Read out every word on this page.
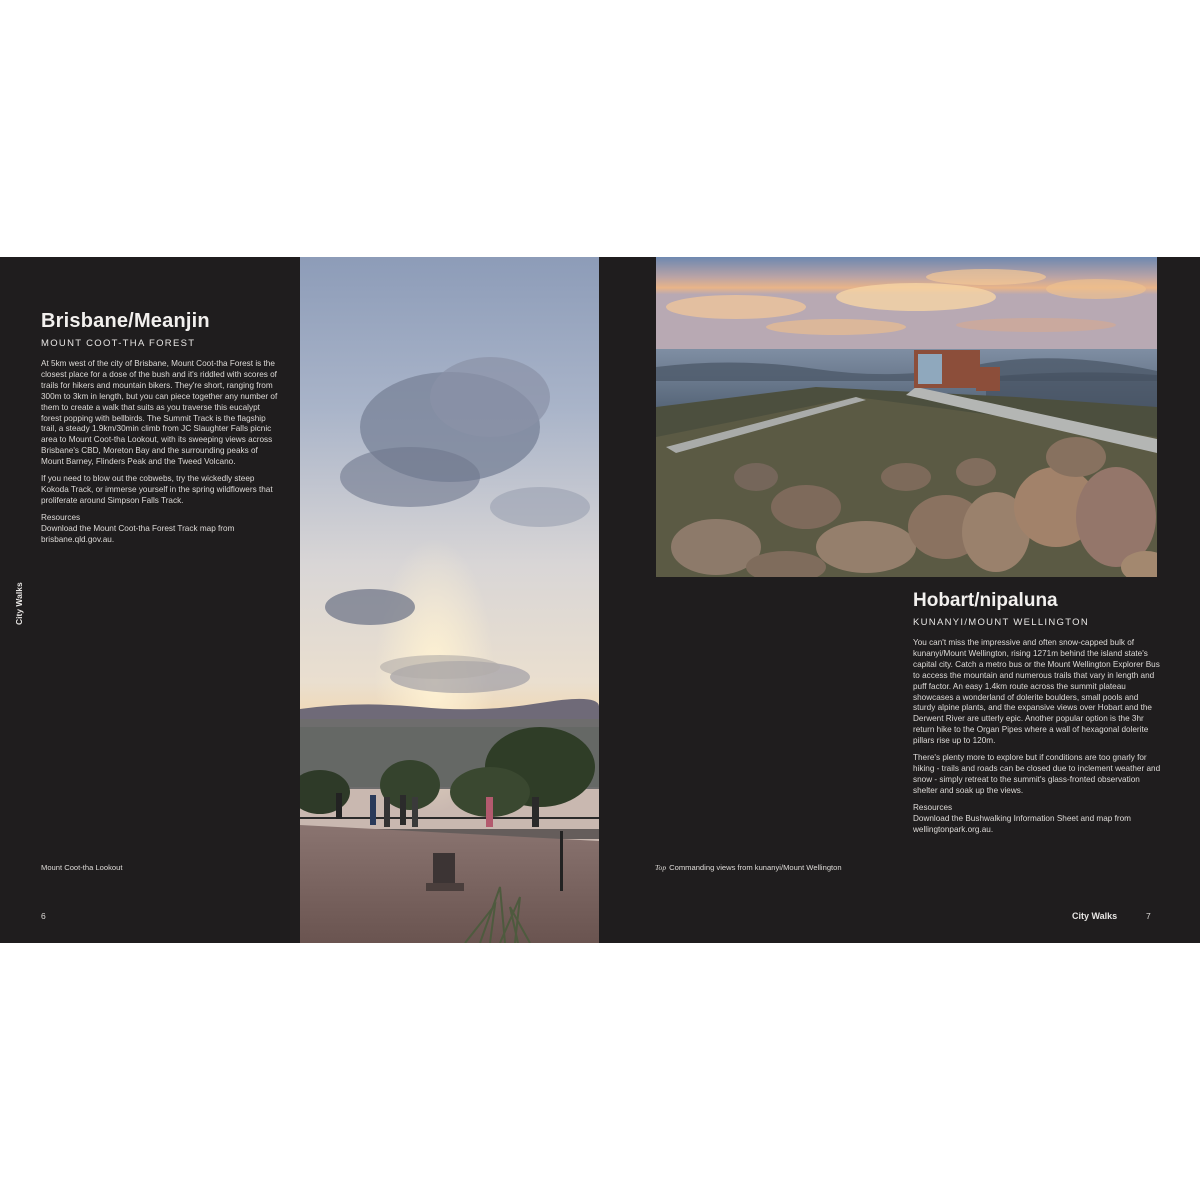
City Walks
Brisbane/Meanjin
MOUNT COOT-THA FOREST
At 5km west of the city of Brisbane, Mount Coot-tha Forest is the closest place for a dose of the bush and it's riddled with scores of trails for hikers and mountain bikers. They're short, ranging from 300m to 3km in length, but you can piece together any number of them to create a walk that suits as you traverse this eucalypt forest popping with bellbirds. The Summit Track is the flagship trail, a steady 1.9km/30min climb from JC Slaughter Falls picnic area to Mount Coot-tha Lookout, with its sweeping views across Brisbane's CBD, Moreton Bay and the surrounding peaks of Mount Barney, Flinders Peak and the Tweed Volcano.
If you need to blow out the cobwebs, try the wickedly steep Kokoda Track, or immerse yourself in the spring wildflowers that proliferate around Simpson Falls Track.
Resources
Download the Mount Coot-tha Forest Track map from brisbane.qld.gov.au.
Mount Coot-tha Lookout
6
Hobart/nipaluna
KUNANYI/MOUNT WELLINGTON
You can't miss the impressive and often snow-capped bulk of kunanyi/Mount Wellington, rising 1271m behind the island state's capital city. Catch a metro bus or the Mount Wellington Explorer Bus to access the mountain and numerous trails that vary in length and puff factor. An easy 1.4km route across the summit plateau showcases a wonderland of dolerite boulders, small pools and sturdy alpine plants, and the expansive views over Hobart and the Derwent River are utterly epic. Another popular option is the 3hr return hike to the Organ Pipes where a wall of hexagonal dolerite pillars rise up to 120m.
There's plenty more to explore but if conditions are too gnarly for hiking - trails and roads can be closed due to inclement weather and snow - simply retreat to the summit's glass-fronted observation shelter and soak up the views.
Resources
Download the Bushwalking Information Sheet and map from wellingtonpark.org.au.
Top Commanding views from kunanyi/Mount Wellington
City Walks	7
